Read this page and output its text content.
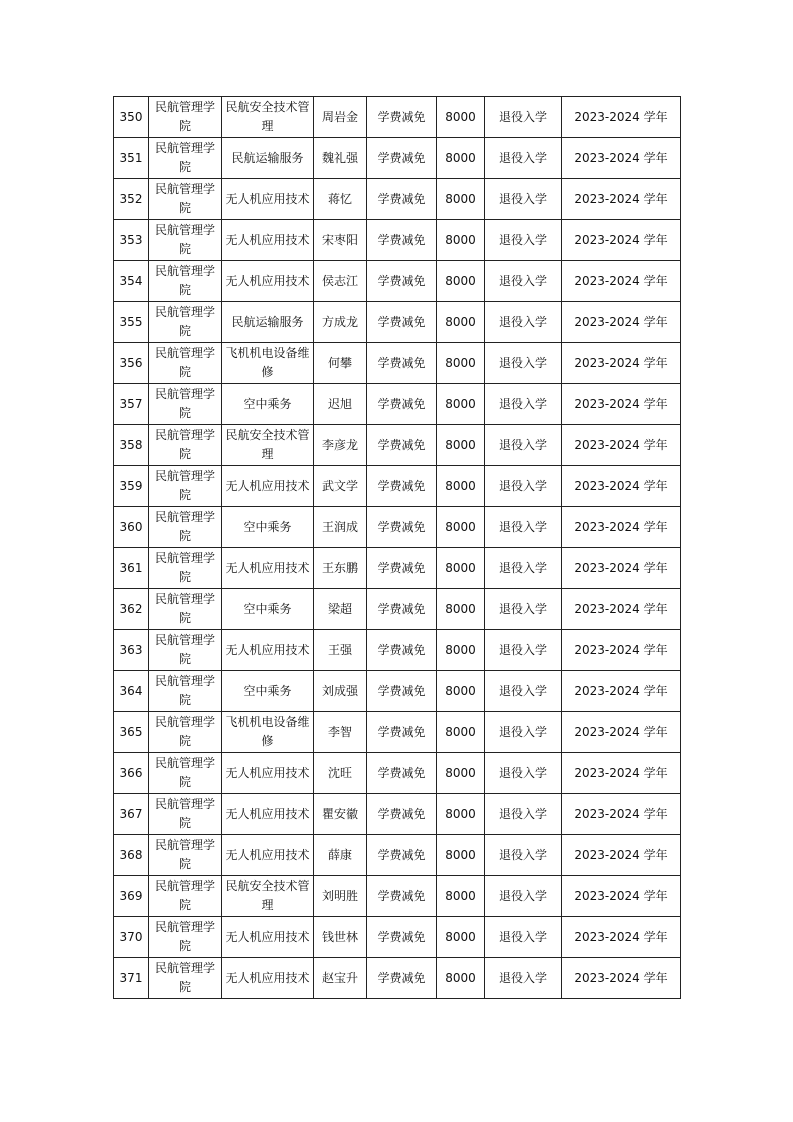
350	民航管理学院	民航安全技术管理	周岩金	学费减免	8000	退役入学	2023-2024 学年
351	民航管理学院	民航运输服务	魏礼强	学费减免	8000	退役入学	2023-2024 学年
352	民航管理学院	无人机应用技术	蒋忆	学费减免	8000	退役入学	2023-2024 学年
353	民航管理学院	无人机应用技术	宋枣阳	学费减免	8000	退役入学	2023-2024 学年
354	民航管理学院	无人机应用技术	侯志江	学费减免	8000	退役入学	2023-2024 学年
355	民航管理学院	民航运输服务	方成龙	学费减免	8000	退役入学	2023-2024 学年
356	民航管理学院	飞机机电设备维修	何攀	学费减免	8000	退役入学	2023-2024 学年
357	民航管理学院	空中乘务	迟旭	学费减免	8000	退役入学	2023-2024 学年
358	民航管理学院	民航安全技术管理	李彦龙	学费减免	8000	退役入学	2023-2024 学年
359	民航管理学院	无人机应用技术	武文学	学费减免	8000	退役入学	2023-2024 学年
360	民航管理学院	空中乘务	王润成	学费减免	8000	退役入学	2023-2024 学年
361	民航管理学院	无人机应用技术	王东鹏	学费减免	8000	退役入学	2023-2024 学年
362	民航管理学院	空中乘务	梁超	学费减免	8000	退役入学	2023-2024 学年
363	民航管理学院	无人机应用技术	王强	学费减免	8000	退役入学	2023-2024 学年
364	民航管理学院	空中乘务	刘成强	学费减免	8000	退役入学	2023-2024 学年
365	民航管理学院	飞机机电设备维修	李智	学费减免	8000	退役入学	2023-2024 学年
366	民航管理学院	无人机应用技术	沈旺	学费减免	8000	退役入学	2023-2024 学年
367	民航管理学院	无人机应用技术	瞿安徽	学费减免	8000	退役入学	2023-2024 学年
368	民航管理学院	无人机应用技术	薛康	学费减免	8000	退役入学	2023-2024 学年
369	民航管理学院	民航安全技术管理	刘明胜	学费减免	8000	退役入学	2023-2024 学年
370	民航管理学院	无人机应用技术	钱世林	学费减免	8000	退役入学	2023-2024 学年
371	民航管理学院	无人机应用技术	赵宝升	学费减免	8000	退役入学	2023-2024 学年
